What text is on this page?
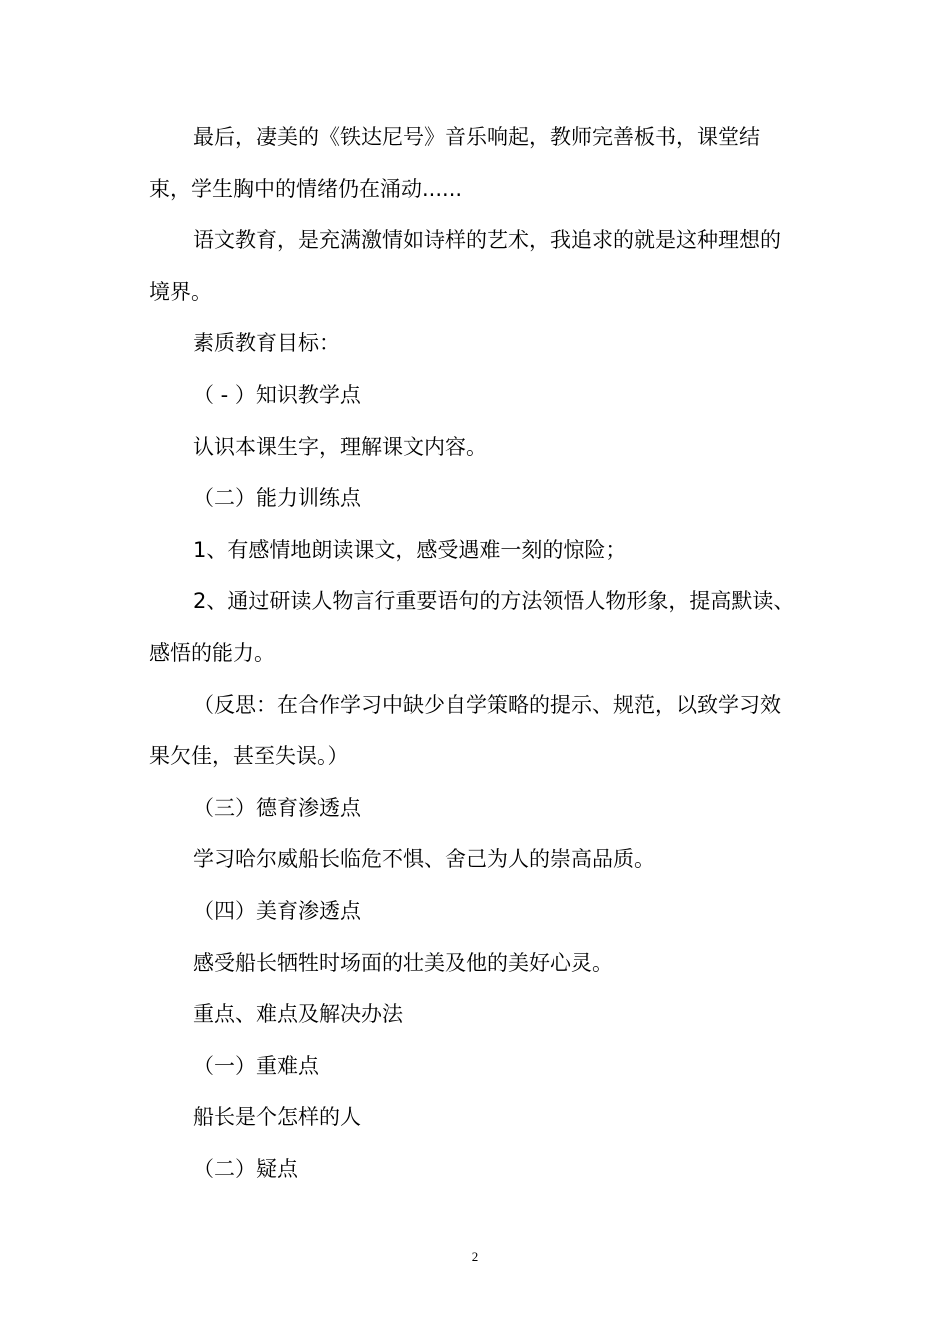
最后，凄美的《铁达尼号》音乐响起，教师完善板书，课堂结束，学生胸中的情绪仍在涌动......

语文教育，是充满激情如诗样的艺术，我追求的就是这种理想的境界。

素质教育目标：

（ - ）知识教学点

认识本课生字，理解课文内容。

（二）能力训练点

1、有感情地朗读课文，感受遇难一刻的惊险；

2、通过研读人物言行重要语句的方法领悟人物形象，提高默读、感悟的能力。

（反思：在合作学习中缺少自学策略的提示、规范，以致学习效果欠佳，甚至失误。）

（三）德育渗透点

学习哈尔威船长临危不惧、舍己为人的崇高品质。

（四）美育渗透点

感受船长牺牲时场面的壮美及他的美好心灵。

重点、难点及解决办法

（一）重难点

船长是个怎样的人

（二）疑点

2
